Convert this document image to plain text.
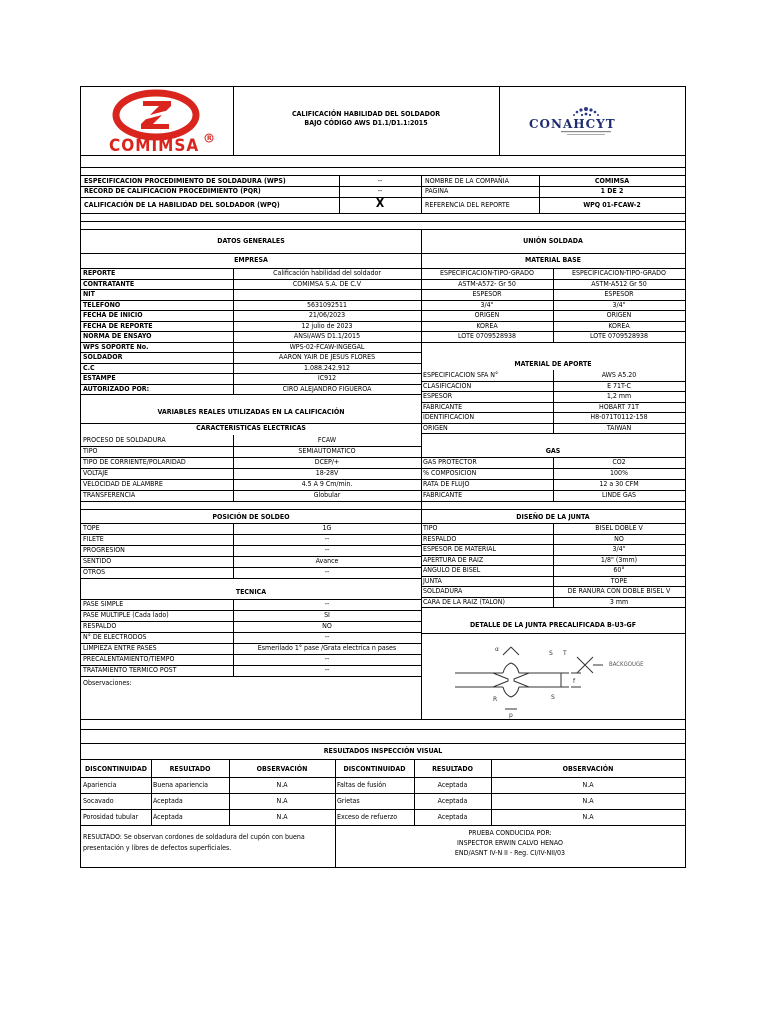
R
COMIMSA
CALIFICACIÓN HABILIDAD DEL SOLDADOR
BAJO CÓDIGO AWS D1.1/D1.1:2015	CONAHCYT
ESPECIFICACION PROCEDIMIENTO DE SOLDADURA (WPS)	--	NOMBRE DE LA COMPAÑIA	COMIMSA
RECORD DE CALIFICACION PROCEDIMIENTO (PQR)	--	PAGINA	1 DE 2
CALIFICACIÓN DE LA HABILIDAD DEL SOLDADOR (WPQ)	X	REFERENCIA DEL REPORTE	WPQ 01-FCAW-2
DATOS GENERALES	UNIÓN SOLDADA
EMPRESA	MATERIAL BASE
REPORTE	Calificación habilidad del soldador
CONTRATANTE	COMIMSA S.A. DE C.V
NIT
TELEFONO	5631092511
FECHA DE INICIO	21/06/2023
FECHA DE REPORTE	12 julio de 2023
NORMA DE ENSAYO	ANSI/AWS D1.1/2015
WPS SOPORTE No.	WPS-02-FCAW-INGEGAL
SOLDADOR	AARON YAIR DE JESUS FLORES
C.C	1.088.242.912
ESTAMPE	IC912
AUTORIZADO POR:	CIRO ALEJANDRO FIGUEROA
ESPECIFICACION-TIPO-GRADO	ESPECIFICACION-TIPO-GRADO
ASTM-A572- Gr 50	ASTM-A512 Gr 50
ESPESOR	ESPESOR
3/4"	3/4"
ORIGEN	ORIGEN
KOREA	KOREA
LOTE 0709528938	LOTE 0709528938
MATERIAL DE APORTE
ESPECIFICACION SFA N°	AWS A5.20
CLASIFICACIÓN	E 71T-C
ESPESOR	1,2 mm
FABRICANTE	HOBART 71T
IDENTIFICACIÓN	H8-071T0112-158
ORIGEN	TAIWAN
VARIABLES REALES UTILIZADAS EN LA CALIFICACIÓN
CARACTERISTICAS ELECTRICAS
PROCESO DE SOLDADURA	FCAW
TIPO	SEMIAUTOMATICO
TIPO DE CORRIENTE/POLARIDAD	DCEP/+
VOLTAJE	18-28V
VELOCIDAD DE ALAMBRE	4.5 A 9 Cm/min.
TRANSFERENCIA	Globular
GAS
GAS PROTECTOR	CO2
% COMPOSICION	100%
RATA DE FLUJO	12 a 30 CFM
FABRICANTE	LINDE GAS
POSICIÓN DE SOLDEO	DISEÑO DE LA JUNTA
TOPE	1G
FILETE	--
PROGRESION	--
SENTIDO	Avance
OTROS	--
TIPO	BISEL DOBLE V
RESPALDO	NO
ESPESOR DE MATERIAL	3/4"
APERTURA DE RAIZ	1/8" (3mm)
ANGULO DE BISEL	60°
JUNTA	TOPE
SOLDADURA	DE RANURA CON DOBLE BISEL V
CARA DE LA RAIZ (TALON)	3 mm
TECNICA
PASE SIMPLE	--
PASE MULTIPLE (Cada lado)	SI
RESPALDO	NO
N° DE ELECTRODOS	--
LIMPIEZA ENTRE PASES	Esmerilado 1° pase /Grata electrica n pases
PRECALENTAMIENTO/TIEMPO	--
TRATAMIENTO TERMICO POST	--
Observaciones:
DETALLE DE LA JUNTA PRECALIFICADA B-U3-GF
S T
S
f
R
p
α
BACKGOUGE
RESULTADOS INSPECCIÓN VISUAL
DISCONTINUIDAD	RESULTADO	OBSERVACIÓN	DISCONTINUIDAD	RESULTADO	OBSERVACIÓN
Apariencia	Buena apariencia	N.A	Faltas de fusión	Aceptada	N.A
Socavado	Aceptada	N.A	Grietas	Aceptada	N.A
Porosidad tubular	Aceptada	N.A	Exceso de refuerzo	Aceptada	N.A
RESULTADO: Se observan cordones de soldadura del cupón con buena
presentación y libres de defectos superficiales.
PRUEBA CONDUCIDA POR:
INSPECTOR ERWIN CALVO HENAO
END/ASNT IV-N II - Reg. CI/IV-NII/03
